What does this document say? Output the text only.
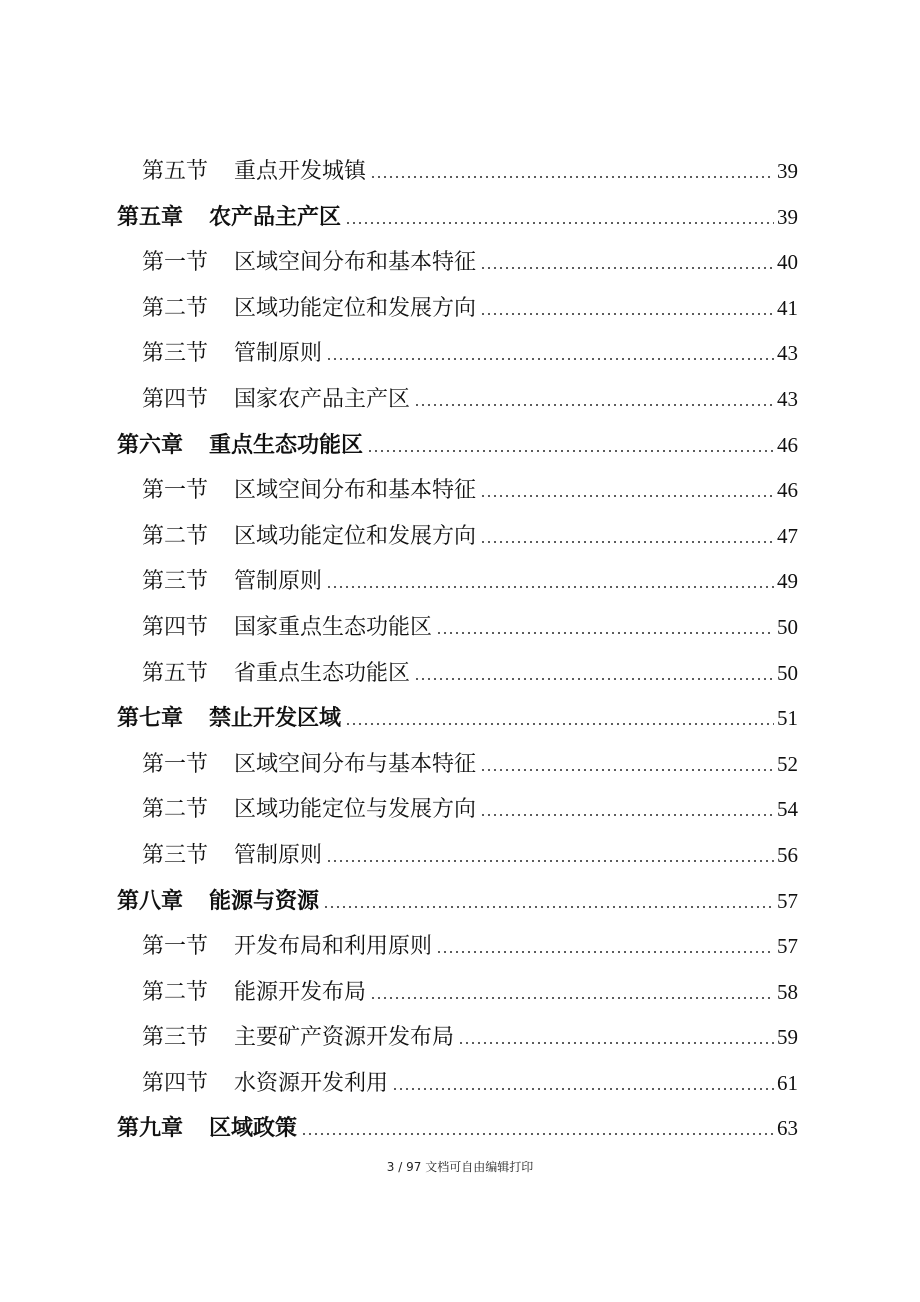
第五节 重点开发城镇	39
第五章 农产品主产区	39
第一节 区域空间分布和基本特征	40
第二节 区域功能定位和发展方向	41
第三节 管制原则	43
第四节 国家农产品主产区	43
第六章 重点生态功能区	46
第一节 区域空间分布和基本特征	46
第二节 区域功能定位和发展方向	47
第三节 管制原则	49
第四节 国家重点生态功能区	50
第五节 省重点生态功能区	50
第七章 禁止开发区域	51
第一节 区域空间分布与基本特征	52
第二节 区域功能定位与发展方向	54
第三节 管制原则	56
第八章 能源与资源	57
第一节 开发布局和利用原则	57
第二节 能源开发布局	58
第三节 主要矿产资源开发布局	59
第四节 水资源开发利用	61
第九章 区域政策	63
3 / 97 文档可自由编辑打印
